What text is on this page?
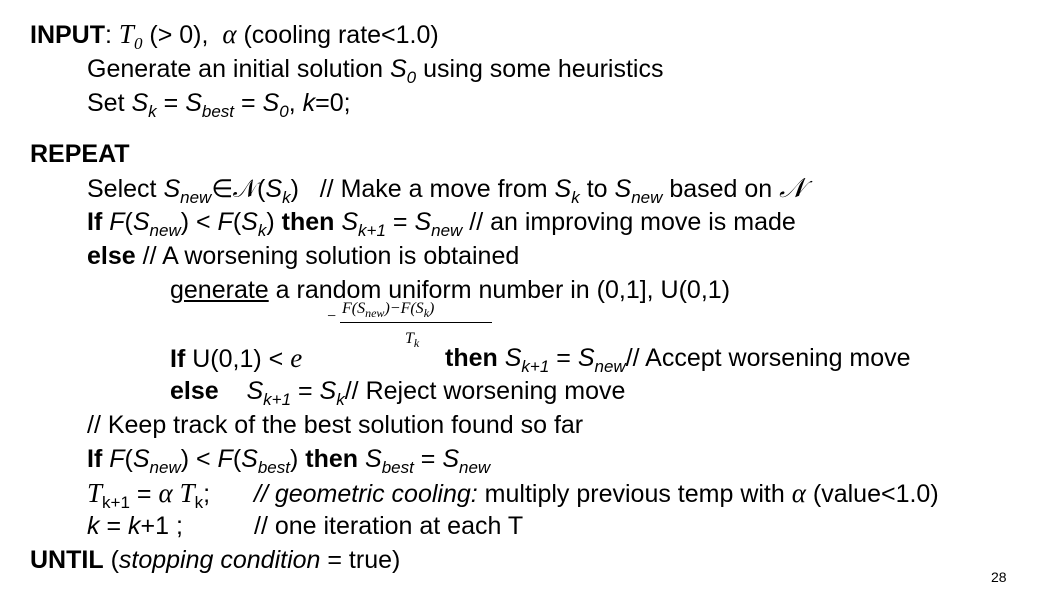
INPUT: $T_0$ (> 0), α (cooling rate<1.0)
Generate an initial solution $S_0$ using some heuristics
Set $S_k = S_{best} = S_0$, k=0;
REPEAT
Select $S_{new}\in 𝒩(S_k)$ // Make a move from $S_k$ to $S_{new}$ based on 𝒩
If $F(S_{new}) < F(S_k)$ then $S_{k+1} = S_{new}$ // an improving move is made
else // A worsening solution is obtained
generate a random uniform number in (0,1], U(0,1)
− $F(S_{new})-F(S_k)$
$T_k$
If U(0,1) < e	then $S_{k+1} = S_{new}//$ Accept worsening move
else $S_{k+1} = S_k//$ Reject worsening move
// Keep track of the best solution found so far
If $F(S_{new}) < F(S_{best})$ then $S_{best} = S_{new}$
$T_{k+1} = \alpha$ $T_k$; // geometric cooling: multiply previous temp with α (value<1.0)
k = k+1 ;	// one iteration at each T
UNTIL (stopping condition = true)
28
